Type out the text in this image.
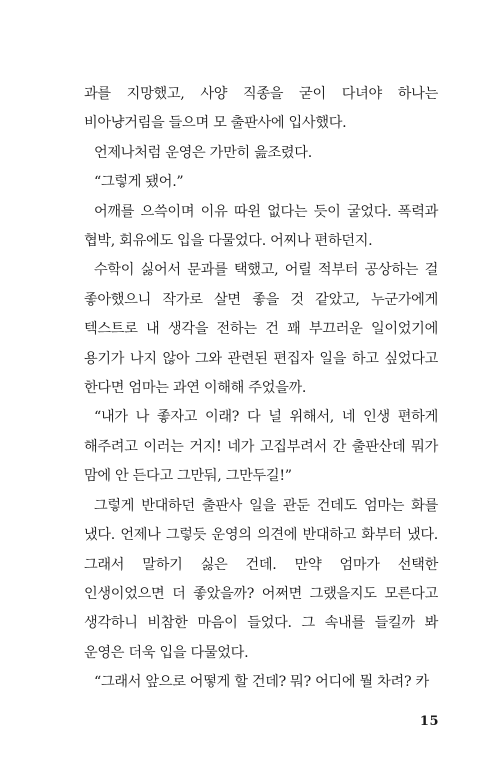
과를 지망했고, 사양 직종을 굳이 다녀야 하나는 비아냥거림을 들으며 모 출판사에 입사했다.

언제나처럼 운영은 가만히 읊조렸다.

“그렇게 됐어.”

어깨를 으쓱이며 이유 따윈 없다는 듯이 굴었다. 폭력과 협박, 회유에도 입을 다물었다. 어찌나 편하던지.

수학이 싫어서 문과를 택했고, 어릴 적부터 공상하는 걸 좋아했으니 작가로 살면 좋을 것 같았고, 누군가에게 텍스트로 내 생각을 전하는 건 꽤 부끄러운 일이었기에 용기가 나지 않아 그와 관련된 편집자 일을 하고 싶었다고 한다면 엄마는 과연 이해해 주었을까.

“내가 나 좋자고 이래? 다 널 위해서, 네 인생 편하게 해주려고 이러는 거지! 네가 고집부려서 간 출판산데 뭐가 맘에 안 든다고 그만둬, 그만두길!”

그렇게 반대하던 출판사 일을 관둔 건데도 엄마는 화를 냈다. 언제나 그렇듯 운영의 의견에 반대하고 화부터 냈다. 그래서 말하기 싫은 건데. 만약 엄마가 선택한 인생이었으면 더 좋았을까? 어쩌면 그랬을지도 모른다고 생각하니 비참한 마음이 들었다. 그 속내를 들킬까 봐 운영은 더욱 입을 다물었다.

“그래서 앞으로 어떻게 할 건데? 뭐? 어디에 뭘 차려? 카

15
